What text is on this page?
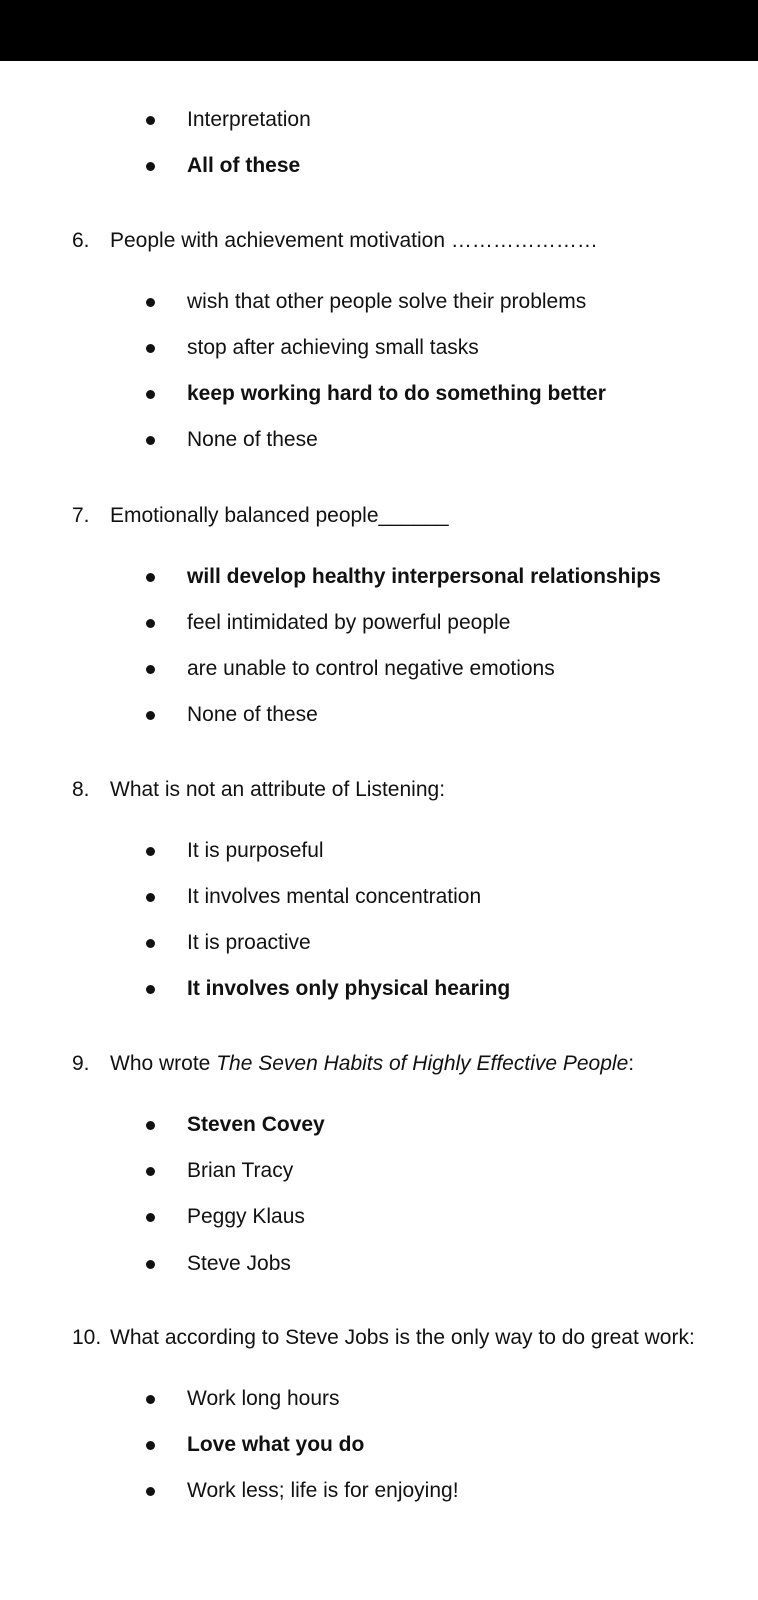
Interpretation
All of these
6. People with achievement motivation …………………
wish that other people solve their problems
stop after achieving small tasks
keep working hard to do something better
None of these
7. Emotionally balanced people______
will develop healthy interpersonal relationships
feel intimidated by powerful people
are unable to control negative emotions
None of these
8. What is not an attribute of Listening:
It is purposeful
It involves mental concentration
It is proactive
It involves only physical hearing
9. Who wrote The Seven Habits of Highly Effective People:
Steven Covey
Brian Tracy
Peggy Klaus
Steve Jobs
10. What according to Steve Jobs is the only way to do great work:
Work long hours
Love what you do
Work less; life is for enjoying!
